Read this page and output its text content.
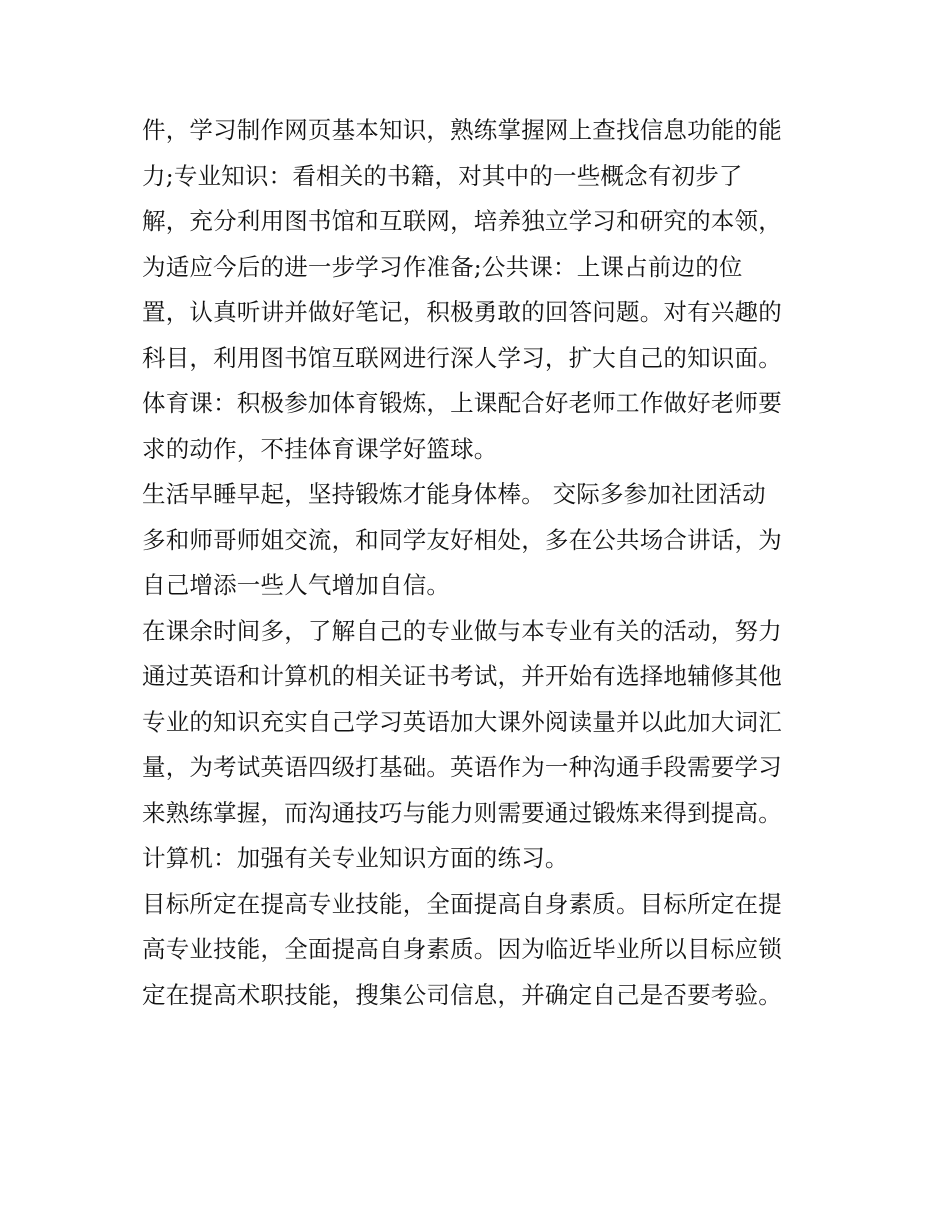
件，学习制作网页基本知识，熟练掌握网上查找信息功能的能
力;专业知识：看相关的书籍，对其中的一些概念有初步了
解，充分利用图书馆和互联网，培养独立学习和研究的本领，
为适应今后的进一步学习作准备;公共课：上课占前边的位
置，认真听讲并做好笔记，积极勇敢的回答问题。对有兴趣的
科目，利用图书馆互联网进行深人学习，扩大自己的知识面。
体育课：积极参加体育锻炼，上课配合好老师工作做好老师要
求的动作，不挂体育课学好篮球。
生活早睡早起，坚持锻炼才能身体棒。 交际多参加社团活动
多和师哥师姐交流，和同学友好相处，多在公共场合讲话，为
自己增添一些人气增加自信。
在课余时间多，了解自己的专业做与本专业有关的活动，努力
通过英语和计算机的相关证书考试，并开始有选择地辅修其他
专业的知识充实自己学习英语加大课外阅读量并以此加大词汇
量，为考试英语四级打基础。英语作为一种沟通手段需要学习
来熟练掌握，而沟通技巧与能力则需要通过锻炼来得到提高。
计算机：加强有关专业知识方面的练习。
目标所定在提高专业技能，全面提高自身素质。目标所定在提
高专业技能，全面提高自身素质。因为临近毕业所以目标应锁
定在提高术职技能，搜集公司信息，并确定自己是否要考验。
